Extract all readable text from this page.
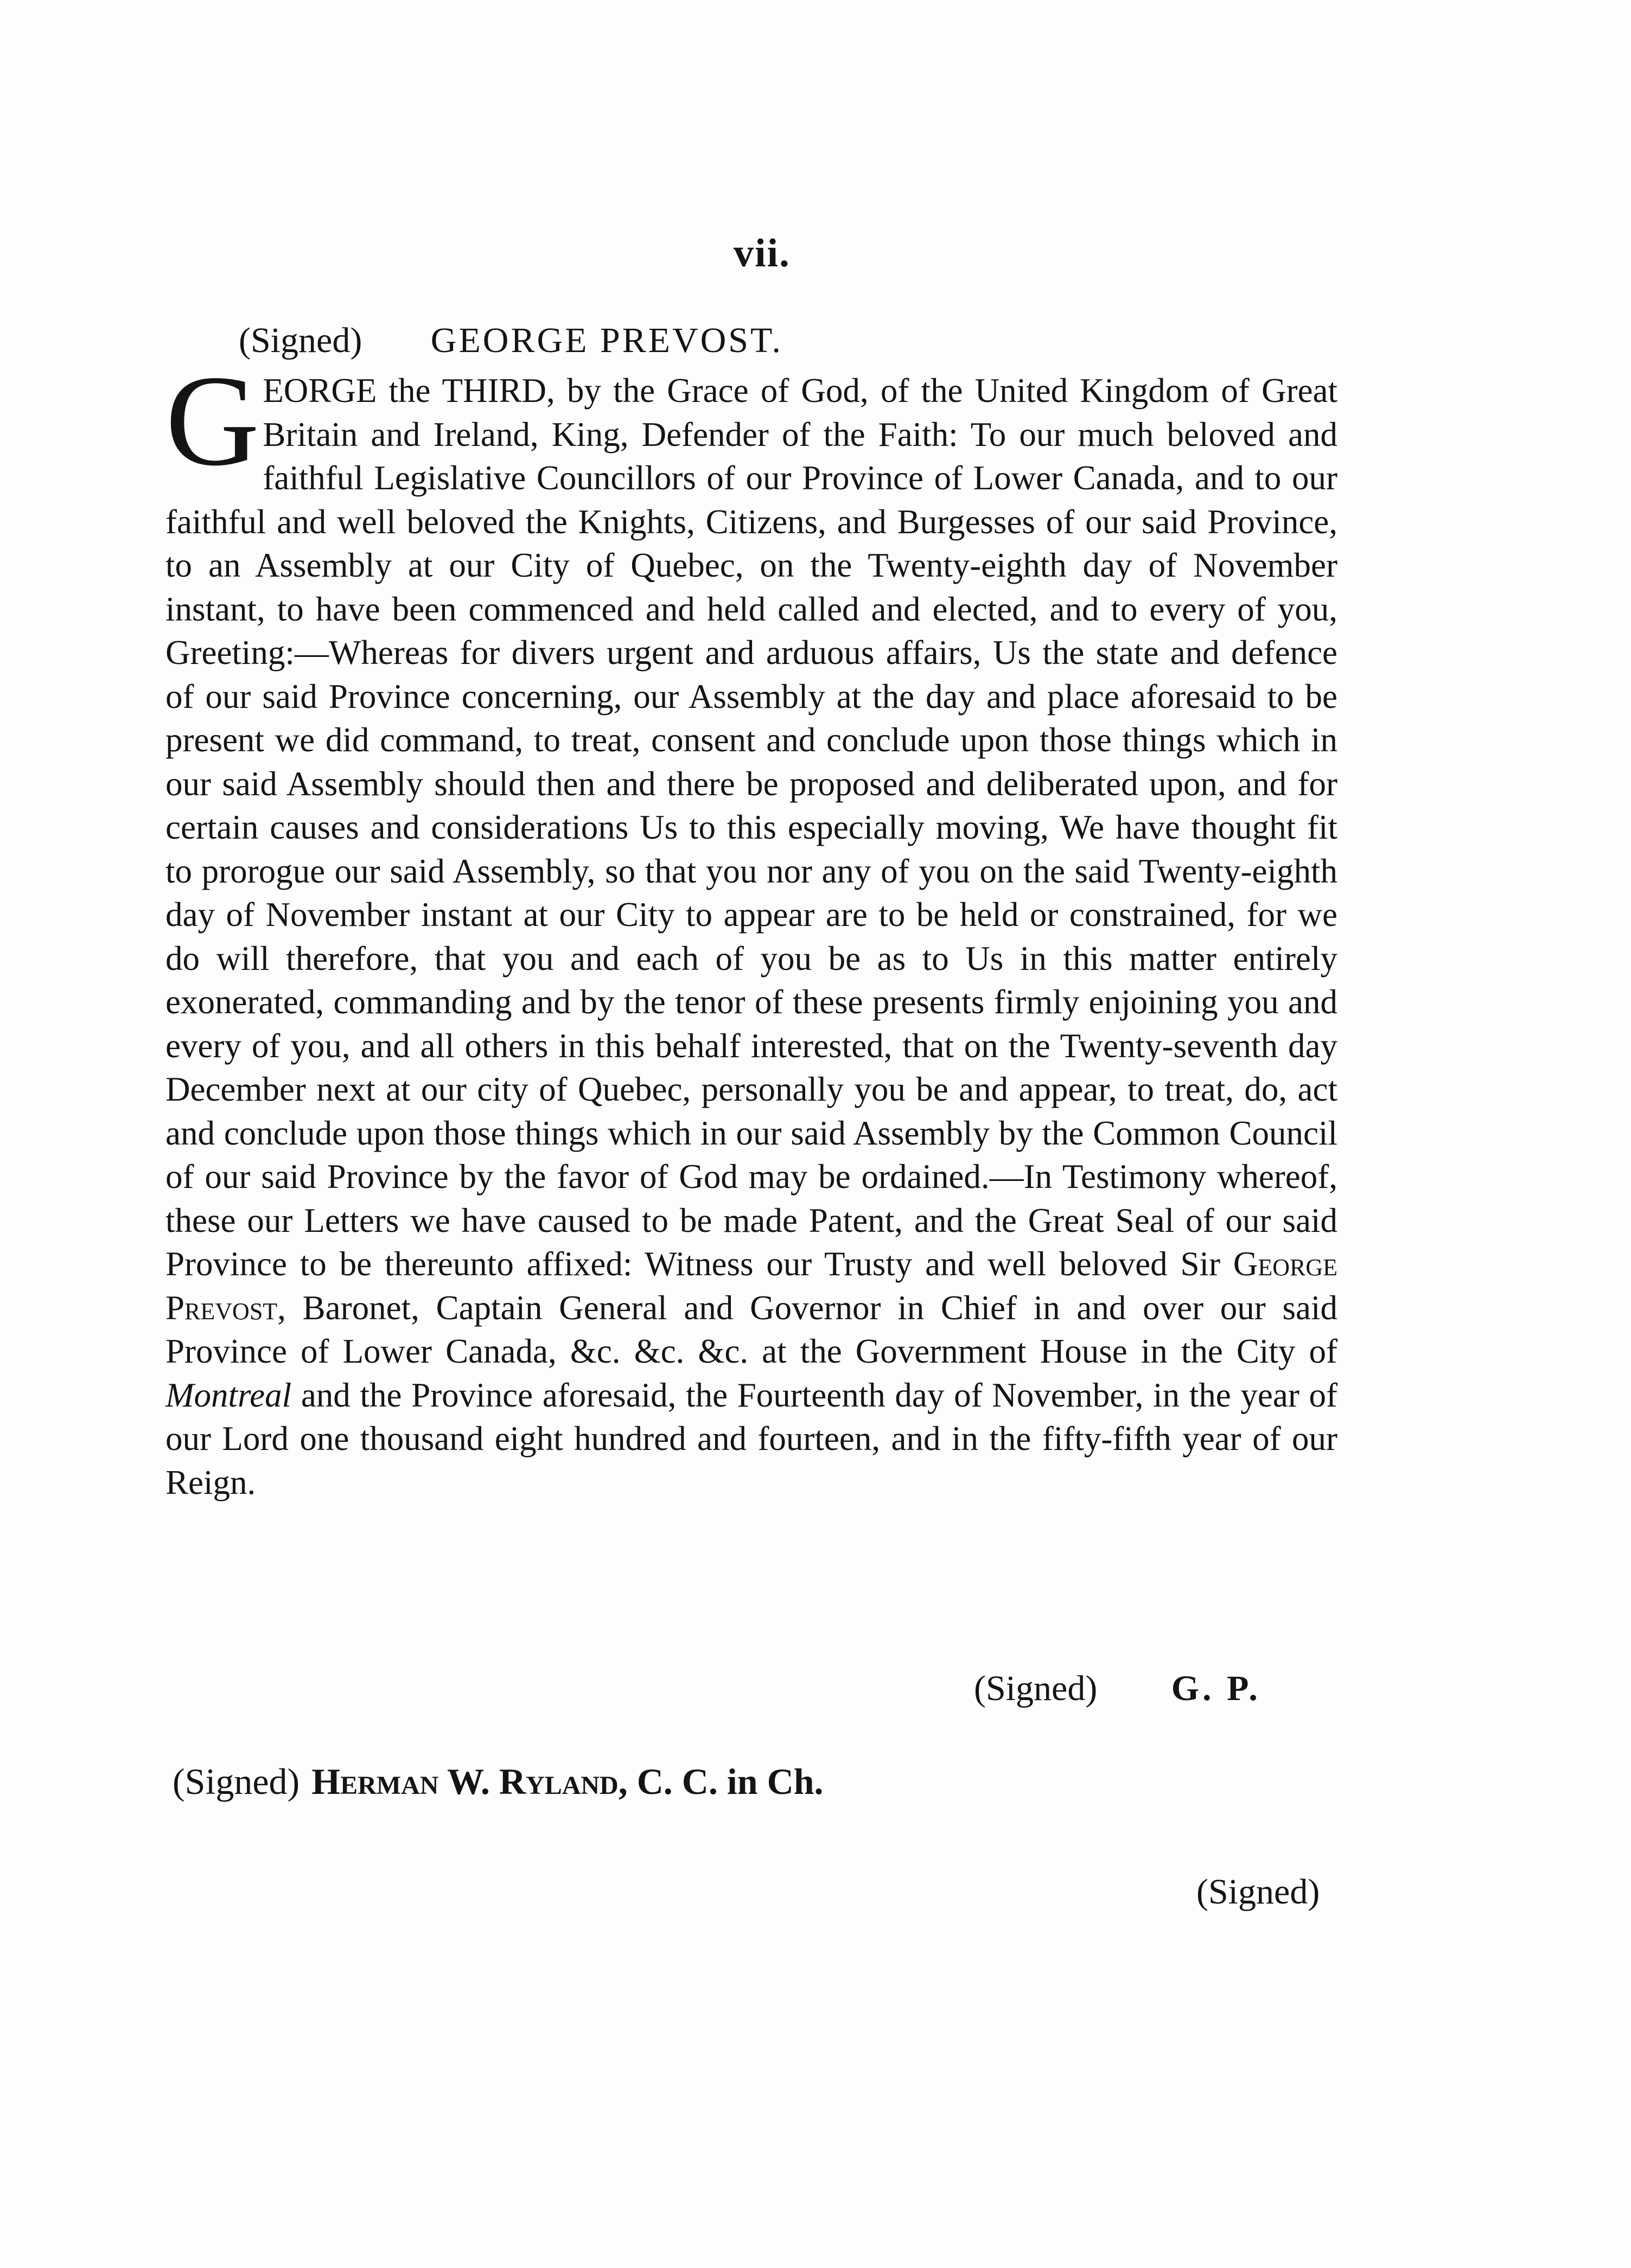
vii.
(Signed) GEORGE PREVOST.

GEORGE the THIRD, by the Grace of God, of the United Kingdom of Great Britain and Ireland, King, Defender of the Faith: To our much beloved and faithful Legislative Councillors of our Province of Lower Canada, and to our faithful and well beloved the Knights, Citizens, and Burgesses of our said Province, to an Assembly at our City of Quebec, on the Twenty-eighth day of November instant, to have been commenced and held called and elected, and to every of you, Greeting:—Whereas for divers urgent and arduous affairs, Us the state and defence of our said Province concerning, our Assembly at the day and place aforesaid to be present we did command, to treat, consent and conclude upon those things which in our said Assembly should then and there be proposed and deliberated upon, and for certain causes and considerations Us to this especially moving, We have thought fit to prorogue our said Assembly, so that you nor any of you on the said Twenty-eighth day of November instant at our City to appear are to be held or constrained, for we do will therefore, that you and each of you be as to Us in this matter entirely exonerated, commanding and by the tenor of these presents firmly enjoining you and every of you, and all others in this behalf interested, that on the Twenty-seventh day December next at our city of Quebec, personally you be and appear, to treat, do, act and conclude upon those things which in our said Assembly by the Common Council of our said Province by the favor of God may be ordained.—In Testimony whereof, these our Letters we have caused to be made Patent, and the Great Seal of our said Province to be thereunto affixed: Witness our Trusty and well beloved Sir George Prevost, Baronet, Captain General and Governor in Chief in and over our said Province of Lower Canada, &c. &c. &c. at the Government House in the City of Montreal and the Province aforesaid, the Fourteenth day of November, in the year of our Lord one thousand eight hundred and fourteen, and in the fifty-fifth year of our Reign.

(Signed) G. P.
(Signed) Herman W. Ryland, C. C. in Ch.
(Signed)
